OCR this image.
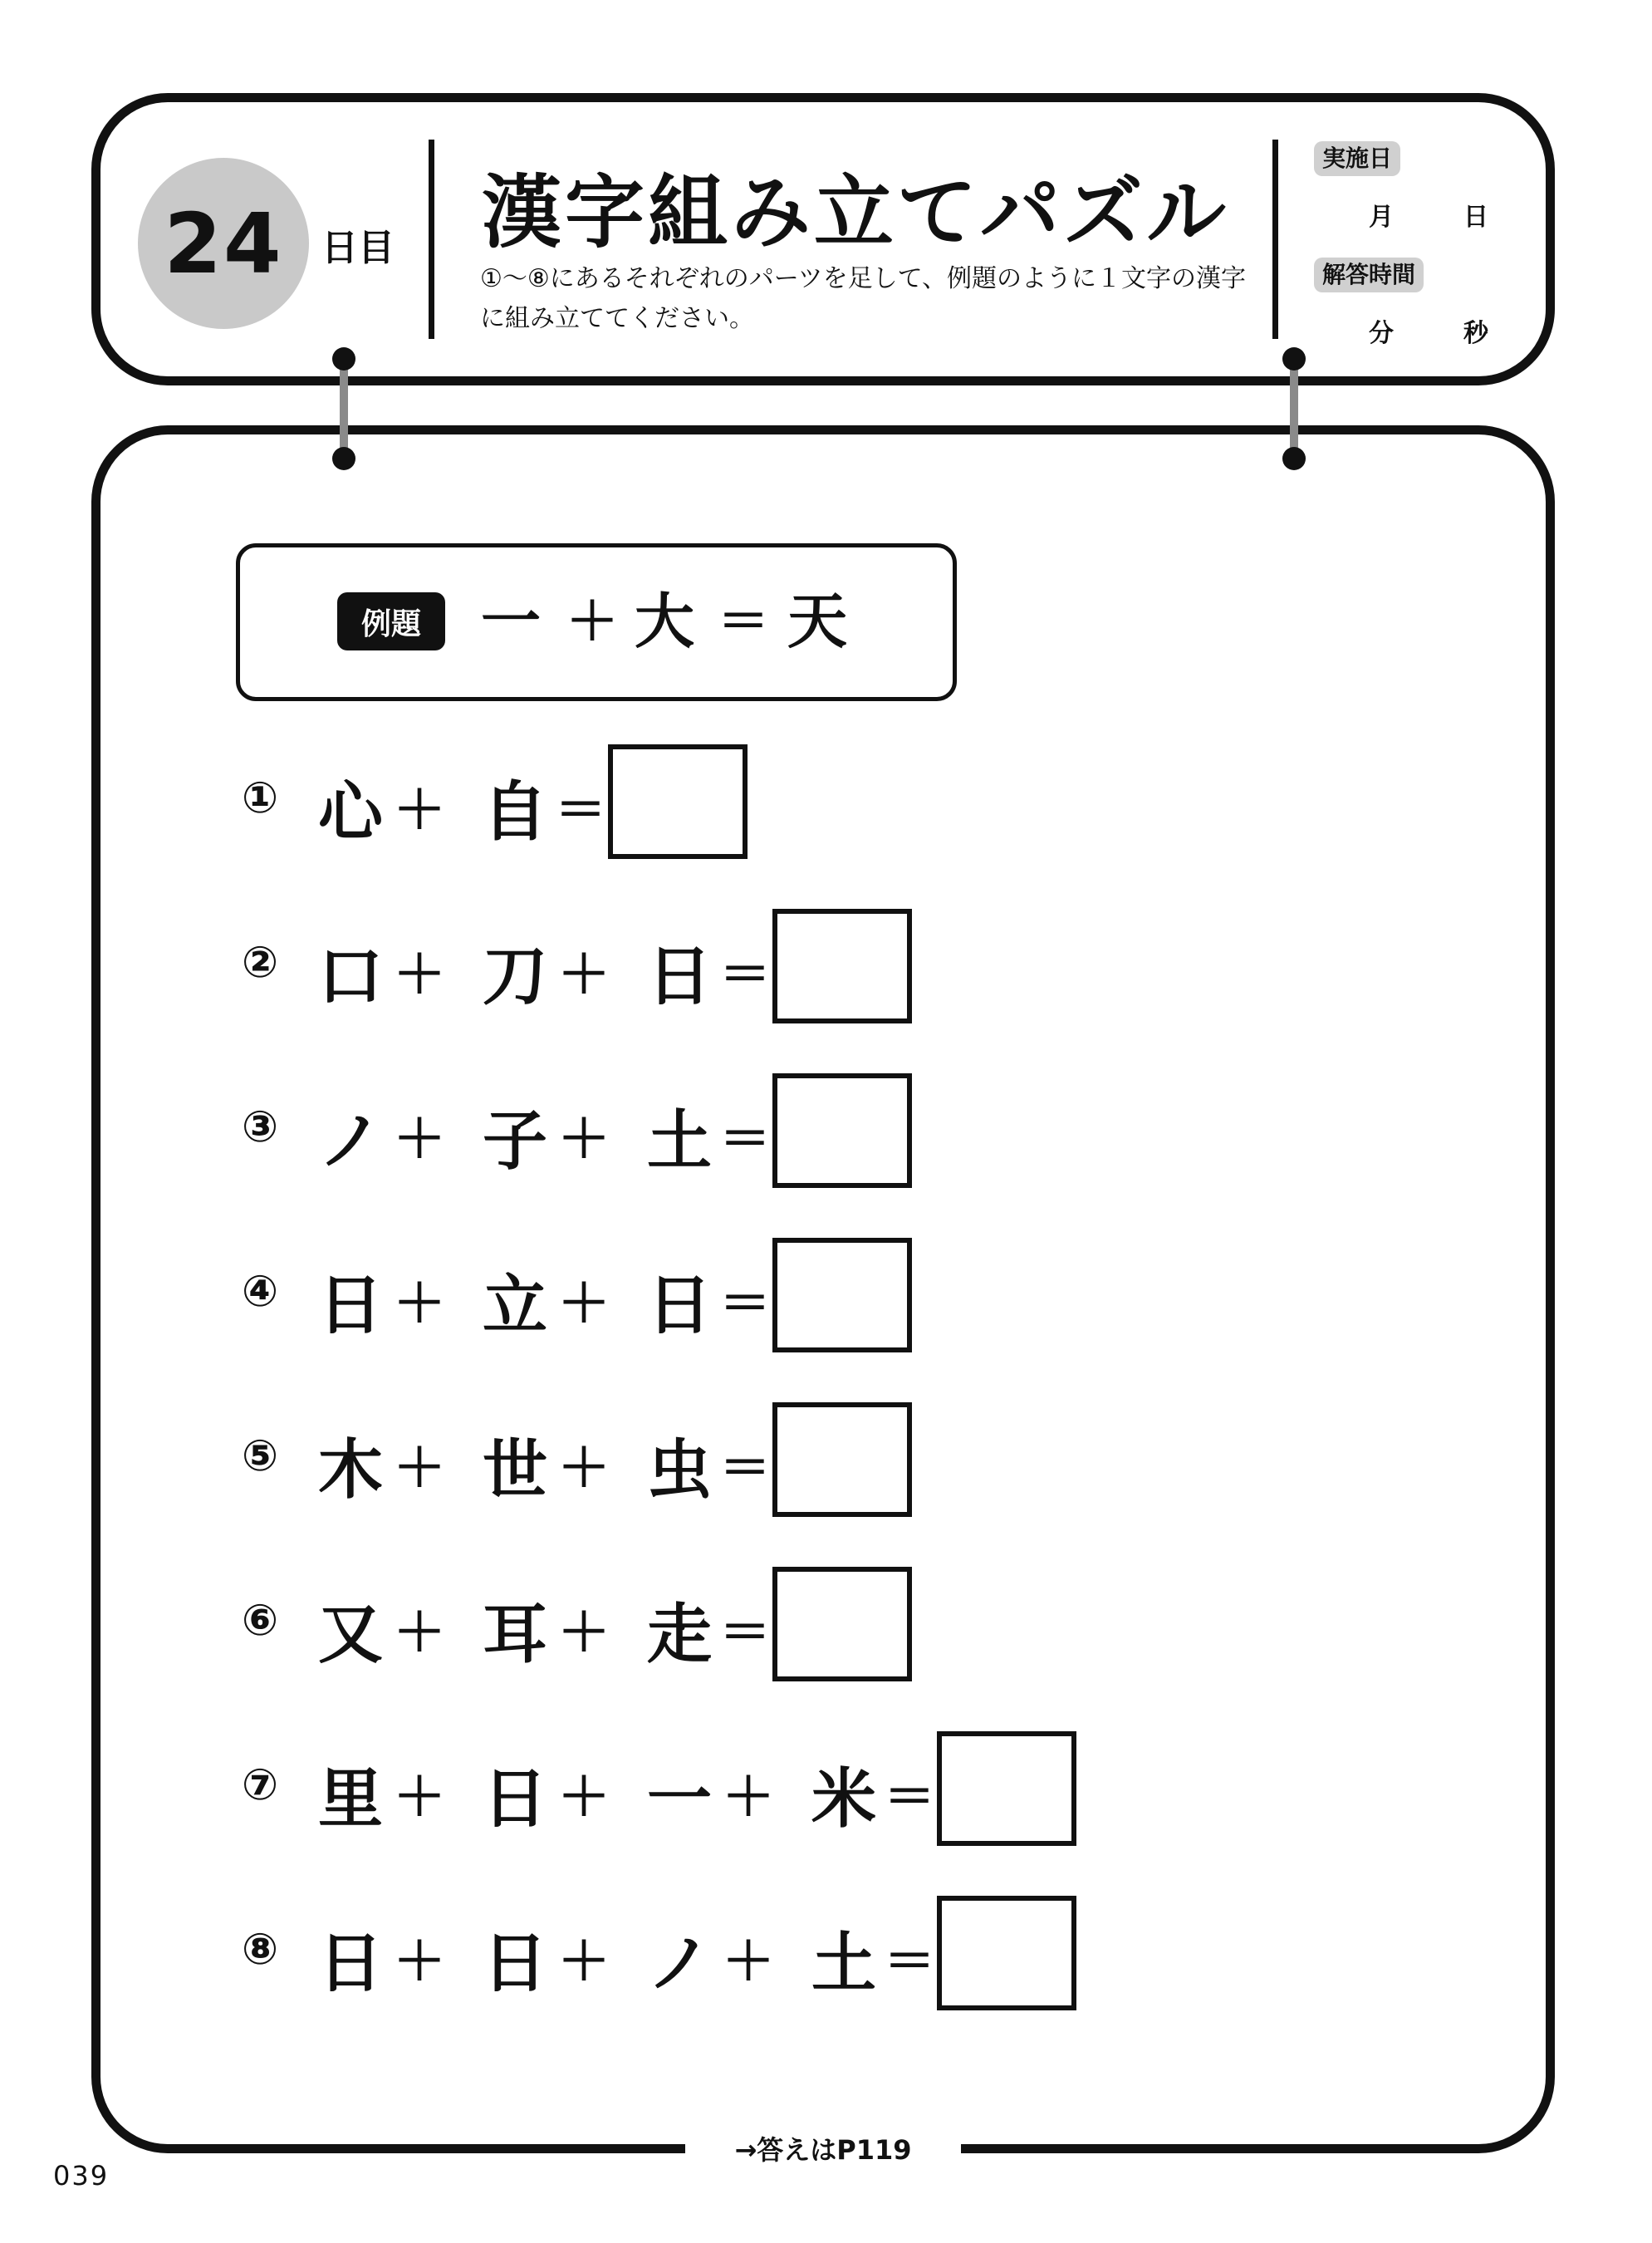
24	日目 漢字組み立てパズル
①〜⑧にあるそれぞれのパーツを足して、例題のように１文字の漢字に組み立ててください。
実施日
月	日
解答時間
分	秒
例題 一 ＋ 大 ＝ 天
① 心 ＋ 自 ＝
② 口 ＋ 刀 ＋ 日 ＝
③ ノ ＋ 子 ＋ 土 ＝
④ 日 ＋ 立 ＋ 日 ＝
⑤ 木 ＋ 世 ＋ 虫 ＝
⑥ 又 ＋ 耳 ＋ 走 ＝
⑦ 里 ＋ 日 ＋ 一 ＋ 米 ＝
⑧ 日 ＋ 日 ＋ ノ ＋ 土 ＝
→答えはP119
039
